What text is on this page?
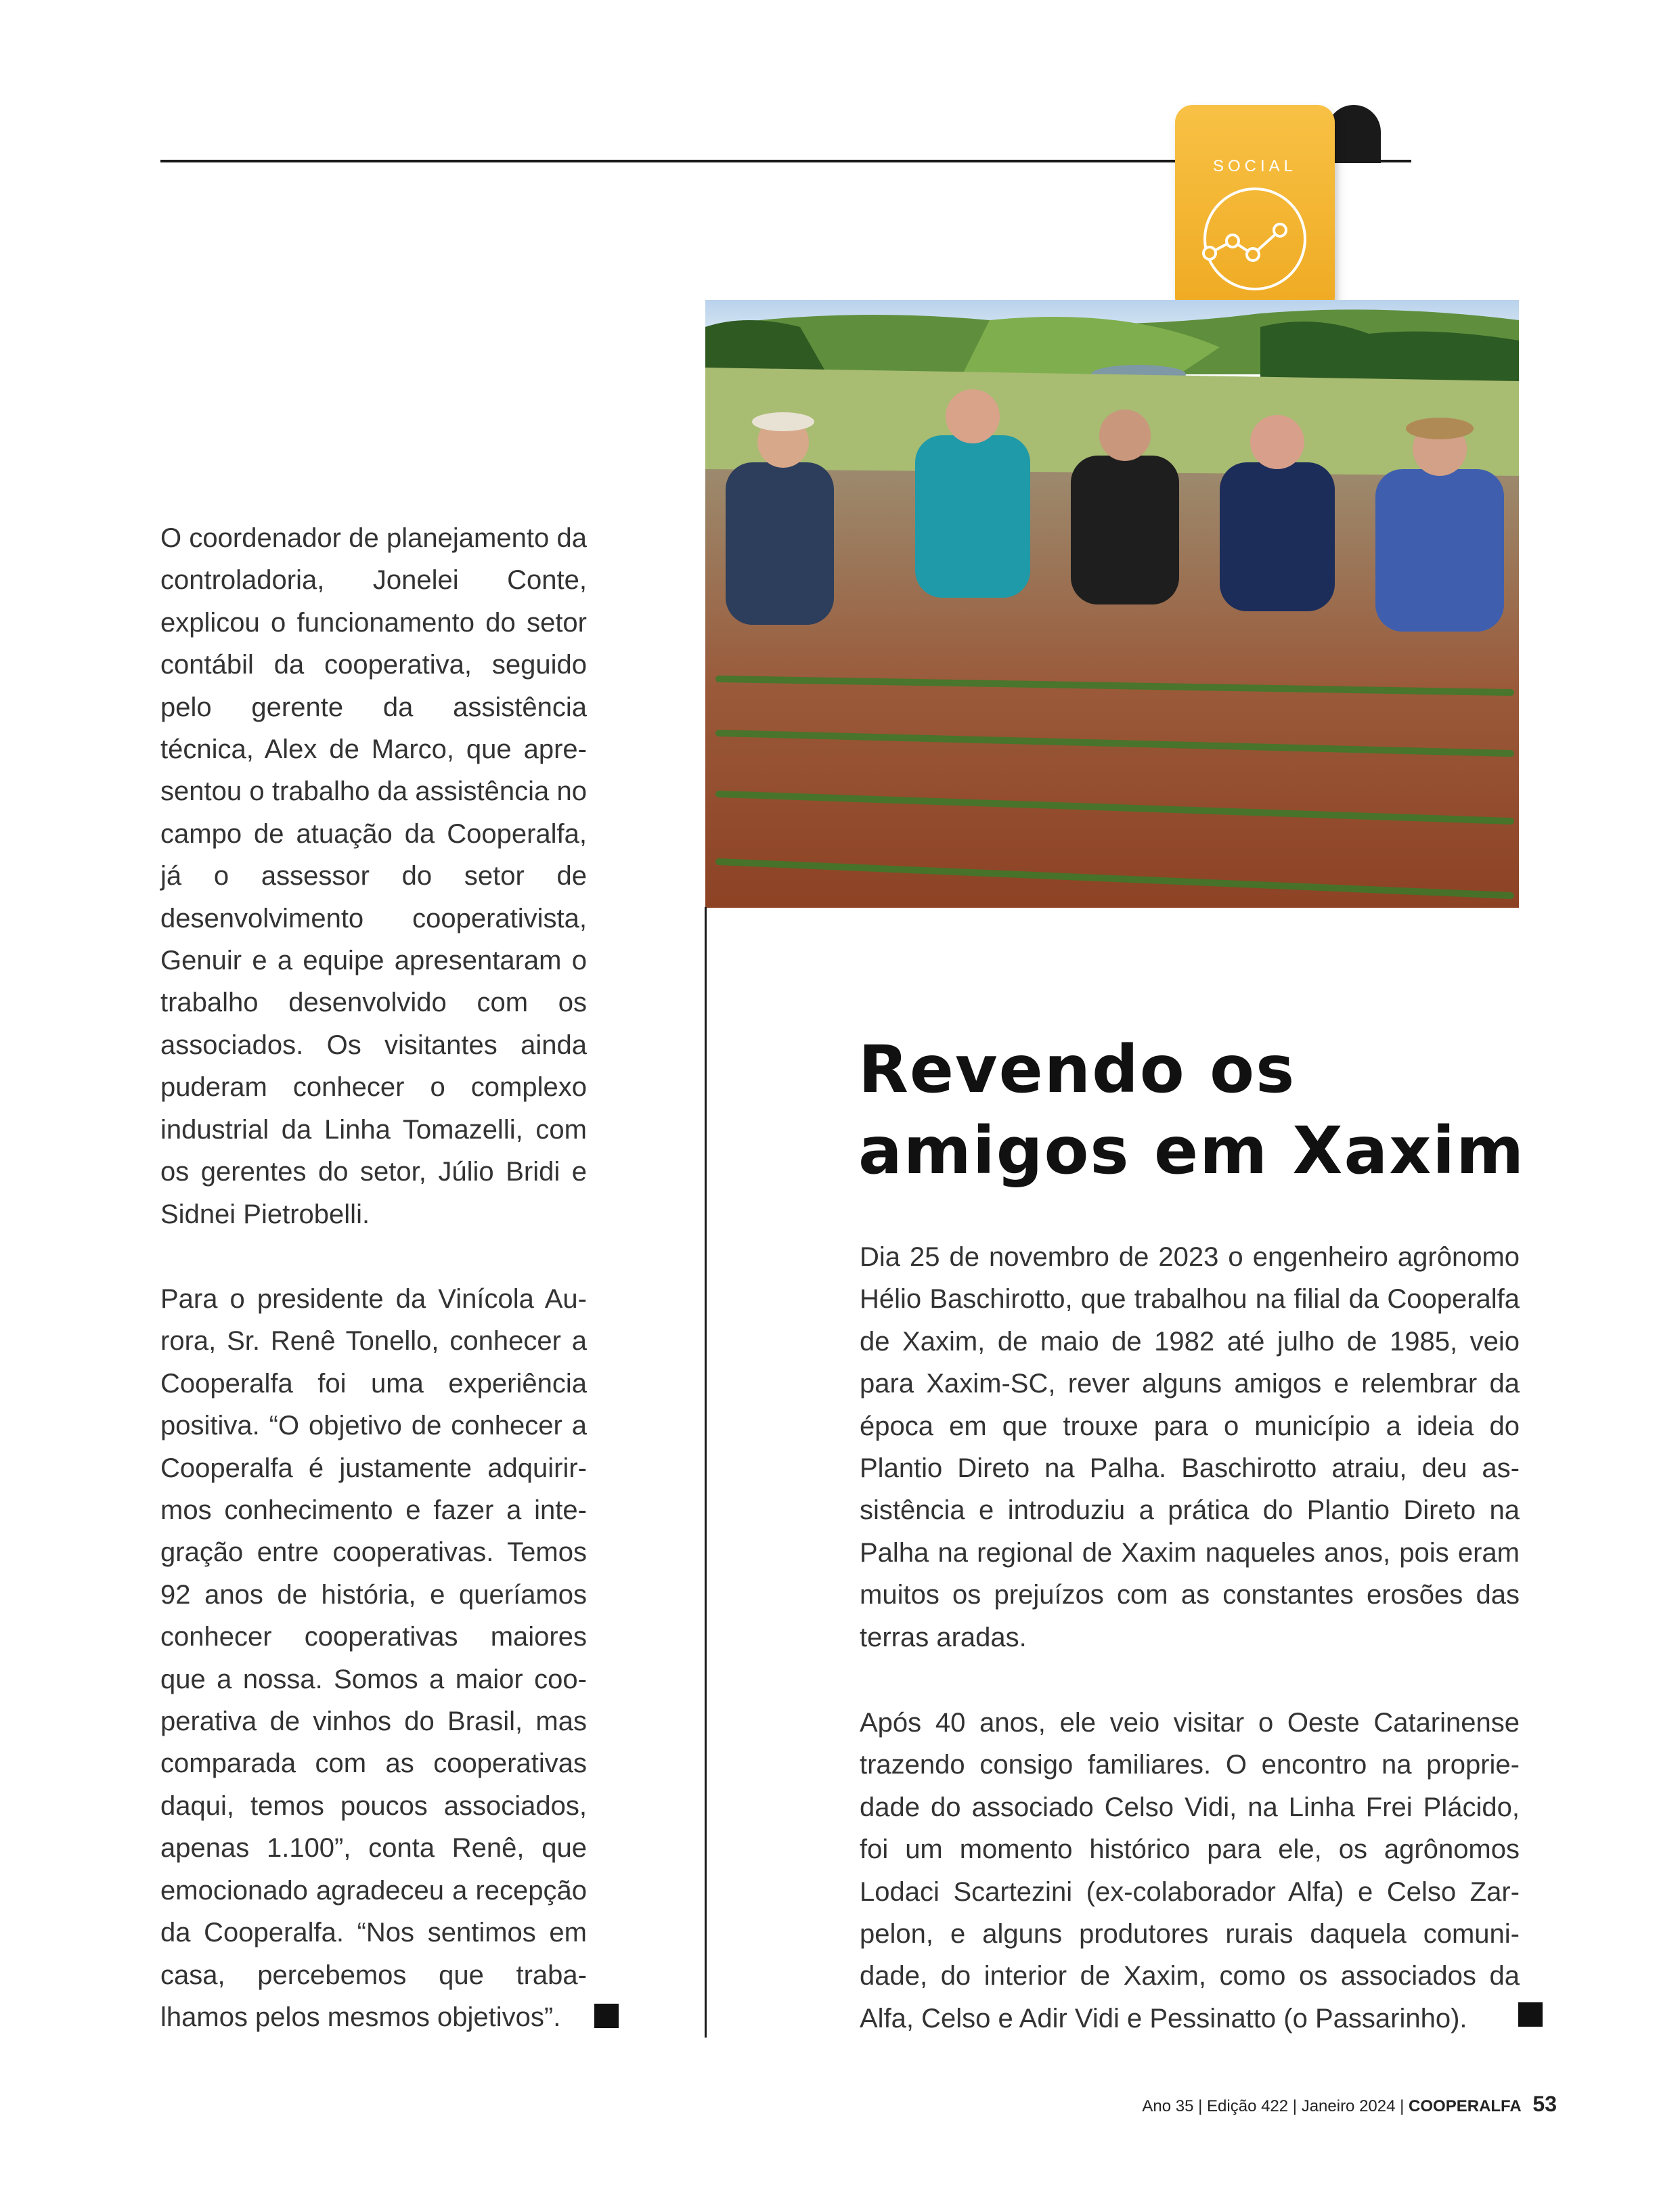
SOCIAL

O coordenador de planejamento da controladoria, Jonelei Conte, explicou o funcionamento do setor contábil da cooperativa, seguido pelo gerente da assistência técnica, Alex de Marco, que apresentou o trabalho da assistência no campo de atuação da Cooperalfa, já o assessor do setor de desenvolvimento cooperativista, Genuir e a equipe apresentaram o trabalho desenvolvido com os associados. Os visitantes ainda puderam conhecer o complexo industrial da Linha Tomazelli, com os gerentes do setor, Júlio Bridi e Sidnei Pietrobelli.

Para o presidente da Vinícola Aurora, Sr. Renê Tonello, conhecer a Cooperalfa foi uma experiência positiva. “O objetivo de conhecer a Cooperalfa é justamente adquirirmos conhecimento e fazer a integração entre cooperativas. Temos 92 anos de história, e queríamos conhecer cooperativas maiores que a nossa. Somos a maior cooperativa de vinhos do Brasil, mas comparada com as cooperativas daqui, temos poucos associados, apenas 1.100”, conta Renê, que emocionado agradeceu a recepção da Cooperalfa. “Nos sentimos em casa, percebemos que trabalhamos pelos mesmos objetivos”.

Revendo os amigos em Xaxim

Dia 25 de novembro de 2023 o engenheiro agrônomo Hélio Baschirotto, que trabalhou na filial da Cooperalfa de Xaxim, de maio de 1982 até julho de 1985, veio para Xaxim-SC, rever alguns amigos e relembrar da época em que trouxe para o município a ideia do Plantio Direto na Palha. Baschirotto atraiu, deu assistência e introduziu a prática do Plantio Direto na Palha na regional de Xaxim naqueles anos, pois eram muitos os prejuízos com as constantes erosões das terras aradas.

Após 40 anos, ele veio visitar o Oeste Catarinense trazendo consigo familiares. O encontro na propriedade do associado Celso Vidi, na Linha Frei Plácido, foi um momento histórico para ele, os agrônomos Lodaci Scartezini (ex-colaborador Alfa) e Celso Zarpelon, e alguns produtores rurais daquela comunidade, do interior de Xaxim, como os associados da Alfa, Celso e Adir Vidi e Pessinatto (o Passarinho).

Ano 35 | Edição 422 | Janeiro 2024 | COOPERALFA 53
